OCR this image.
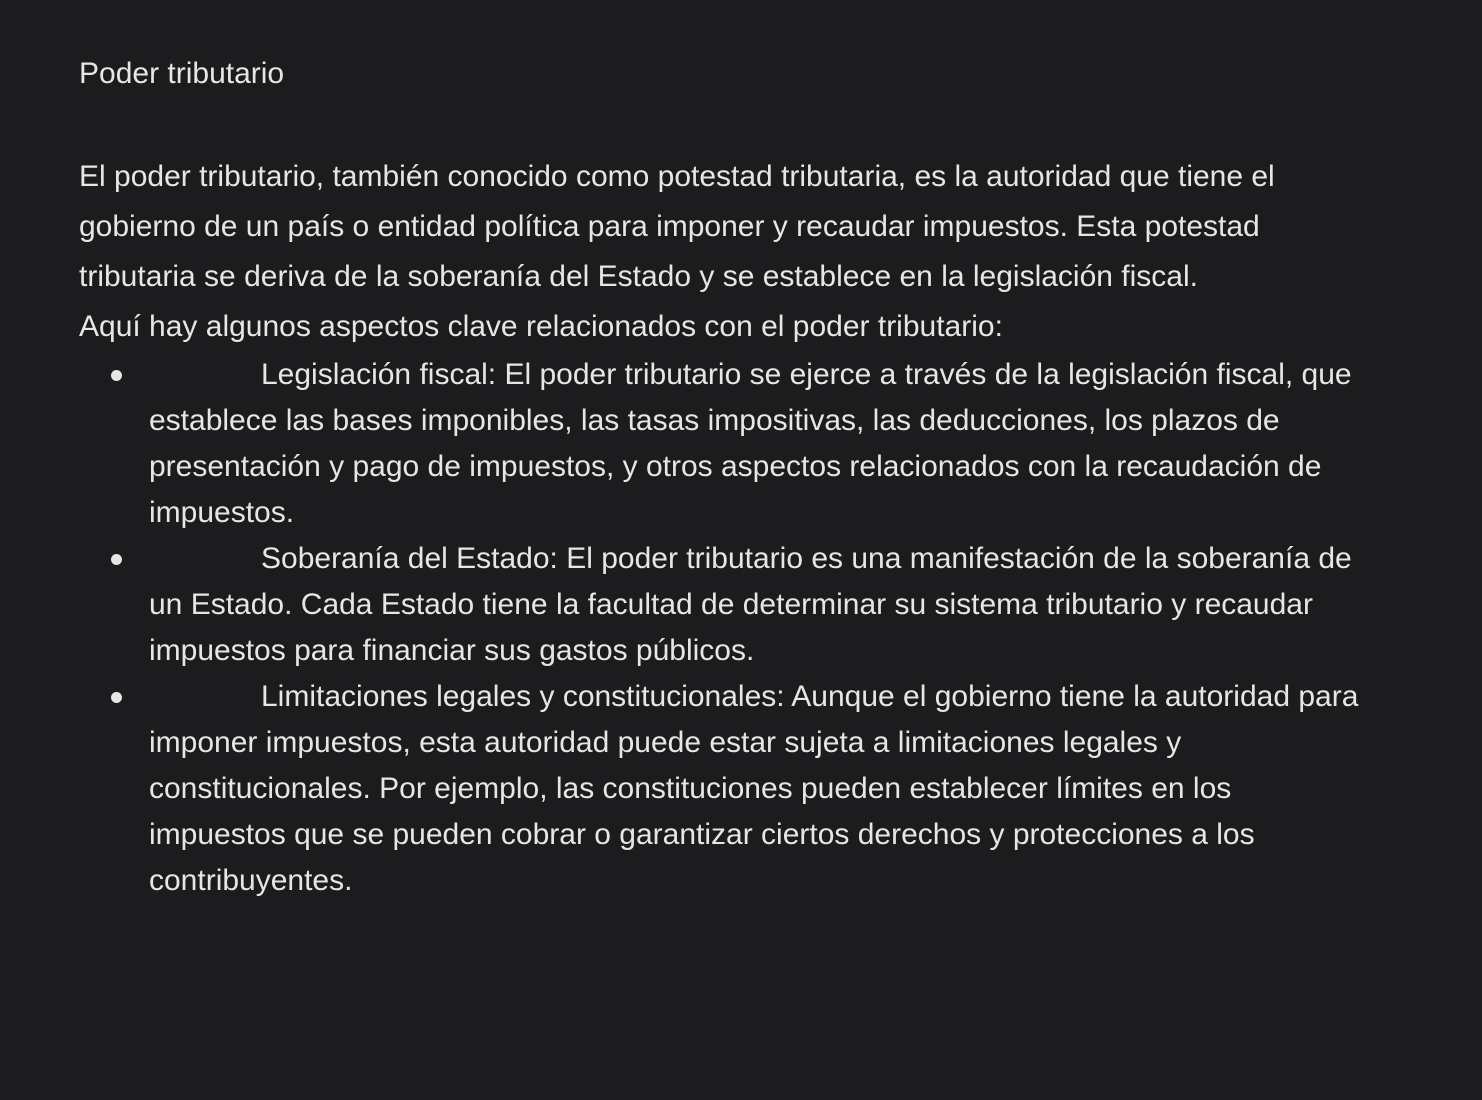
Poder tributario

El poder tributario, también conocido como potestad tributaria, es la autoridad que tiene el gobierno de un país o entidad política para imponer y recaudar impuestos. Esta potestad tributaria se deriva de la soberanía del Estado y se establece en la legislación fiscal.

Aquí hay algunos aspectos clave relacionados con el poder tributario:

Legislación fiscal: El poder tributario se ejerce a través de la legislación fiscal, que establece las bases imponibles, las tasas impositivas, las deducciones, los plazos de presentación y pago de impuestos, y otros aspectos relacionados con la recaudación de impuestos.
Soberanía del Estado: El poder tributario es una manifestación de la soberanía de un Estado. Cada Estado tiene la facultad de determinar su sistema tributario y recaudar impuestos para financiar sus gastos públicos.
Limitaciones legales y constitucionales: Aunque el gobierno tiene la autoridad para imponer impuestos, esta autoridad puede estar sujeta a limitaciones legales y constitucionales. Por ejemplo, las constituciones pueden establecer límites en los impuestos que se pueden cobrar o garantizar ciertos derechos y protecciones a los contribuyentes.
